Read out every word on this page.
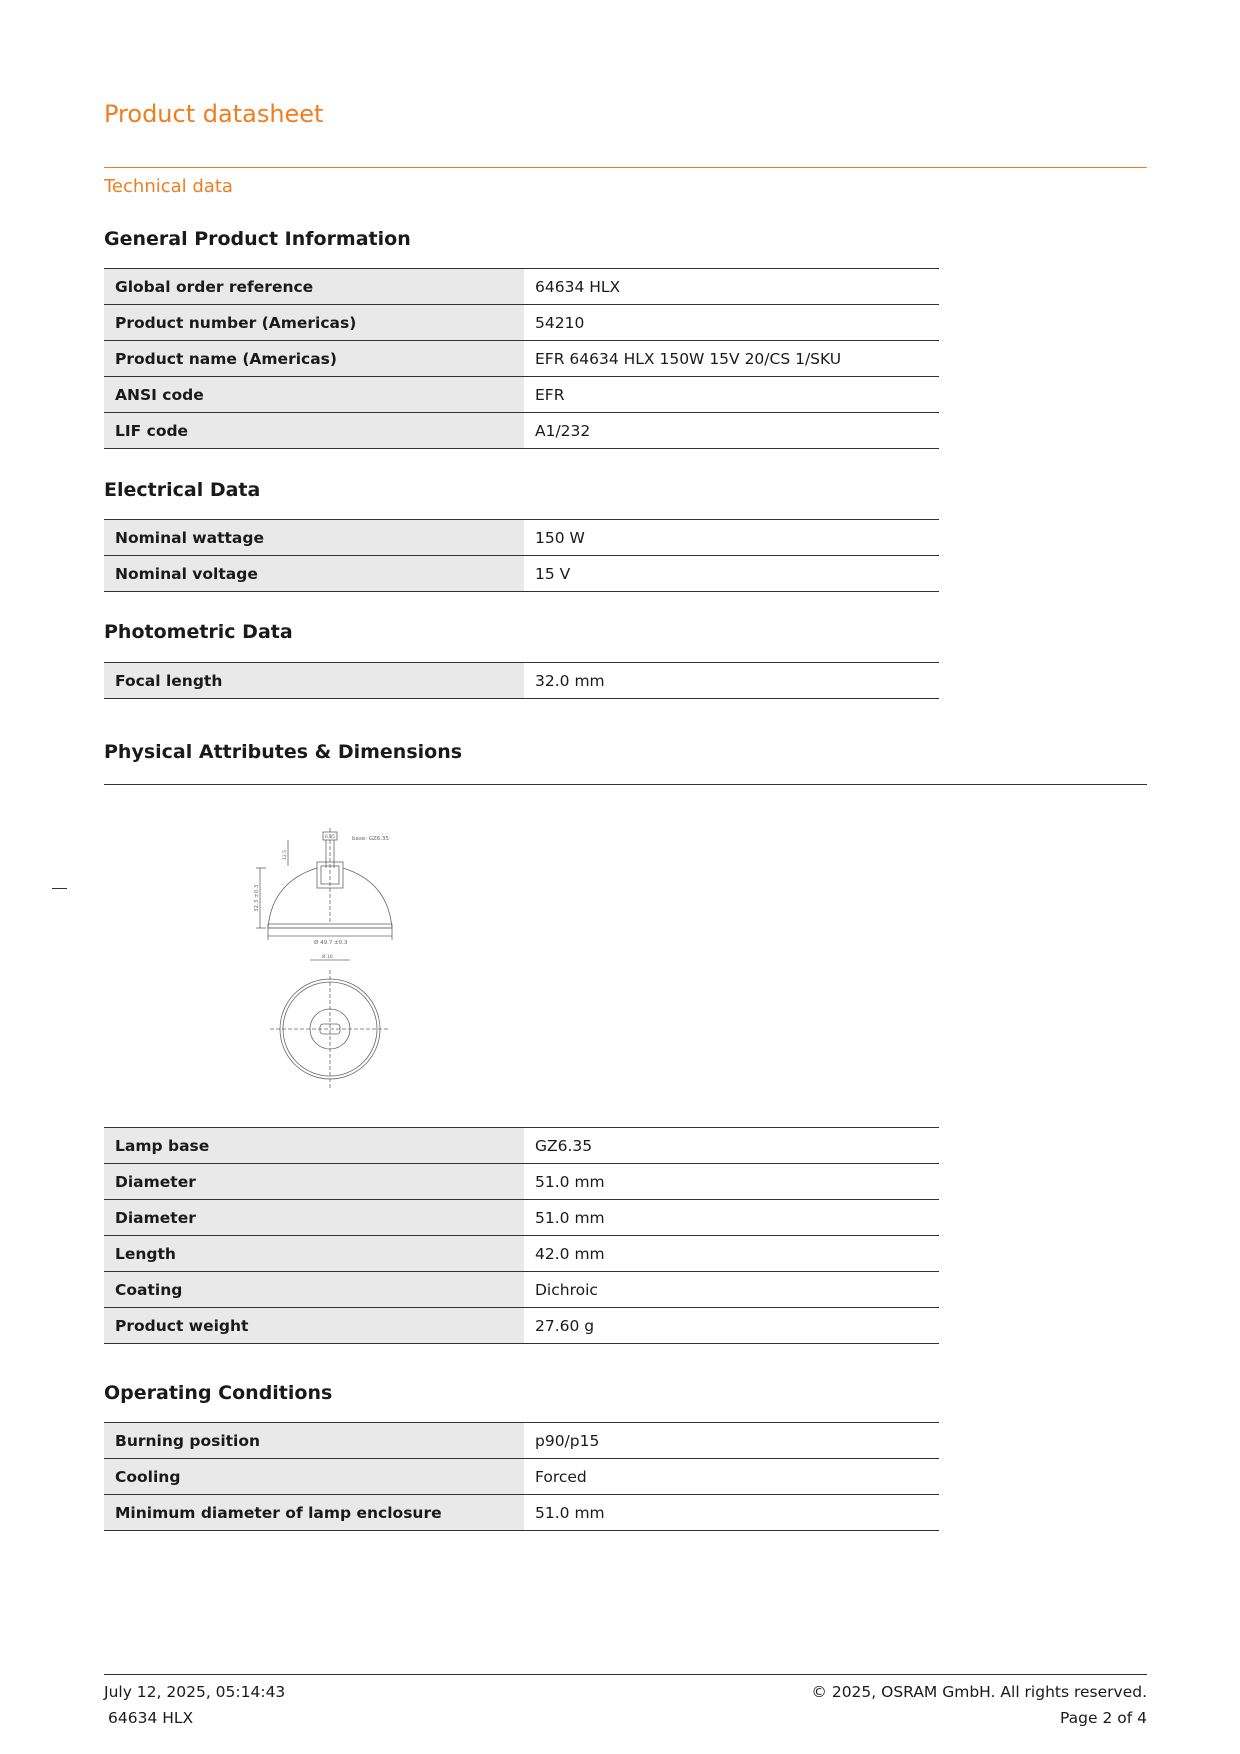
Product datasheet
Technical data
General Product Information
Global order reference	64634 HLX
Product number (Americas)	54210
Product name (Americas)	EFR 64634 HLX 150W 15V 20/CS 1/SKU
ANSI code	EFR
LIF code	A1/232
Electrical Data
Nominal wattage	150 W
Nominal voltage	15 V
Photometric Data
Focal length	32.0 mm
Physical Attributes & Dimensions
base: GZ6.35
6.35
12.5
32.3 ±0.3
Ø 49.7 ±0.3
Ø 16
Lamp base	GZ6.35
Diameter	51.0 mm
Diameter	51.0 mm
Length	42.0 mm
Coating	Dichroic
Product weight	27.60 g
Operating Conditions
Burning position	p90/p15
Cooling	Forced
Minimum diameter of lamp enclosure	51.0 mm
July 12, 2025, 05:14:43
64634 HLX
© 2025, OSRAM GmbH. All rights reserved.
Page 2 of 4
